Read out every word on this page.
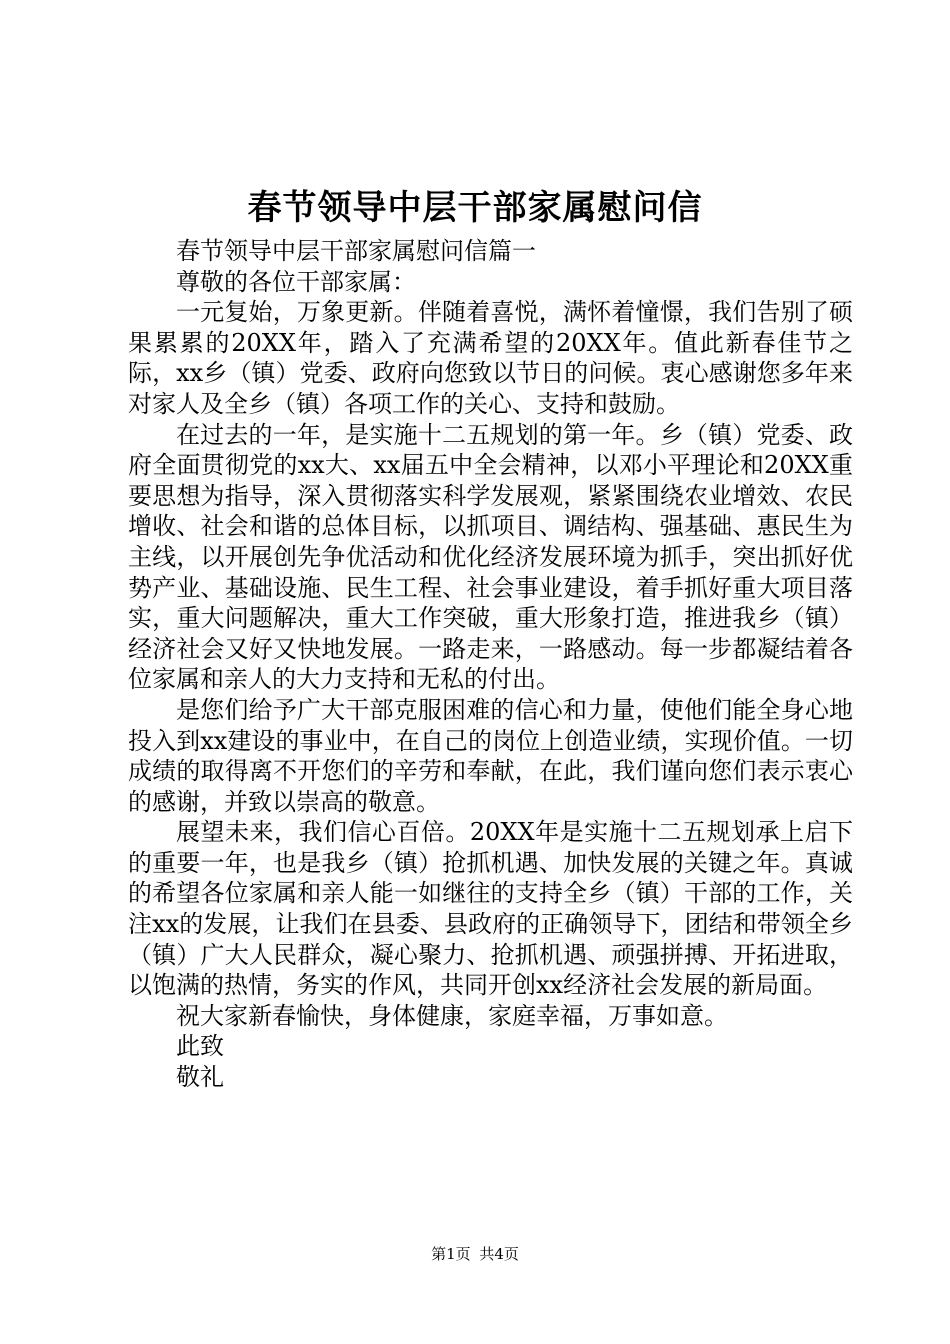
春节领导中层干部家属慰问信

春节领导中层干部家属慰问信篇一

尊敬的各位干部家属：

一元复始，万象更新。伴随着喜悦，满怀着憧憬，我们告别了硕果累累的20XX年，踏入了充满希望的20XX年。值此新春佳节之际，xx乡（镇）党委、政府向您致以节日的问候。衷心感谢您多年来对家人及全乡（镇）各项工作的关心、支持和鼓励。

在过去的一年，是实施十二五规划的第一年。乡（镇）党委、政府全面贯彻党的xx大、xx届五中全会精神，以邓小平理论和20XX重要思想为指导，深入贯彻落实科学发展观，紧紧围绕农业增效、农民增收、社会和谐的总体目标，以抓项目、调结构、强基础、惠民生为主线，以开展创先争优活动和优化经济发展环境为抓手，突出抓好优势产业、基础设施、民生工程、社会事业建设，着手抓好重大项目落实，重大问题解决，重大工作突破，重大形象打造，推进我乡（镇）经济社会又好又快地发展。一路走来，一路感动。每一步都凝结着各位家属和亲人的大力支持和无私的付出。

是您们给予广大干部克服困难的信心和力量，使他们能全身心地投入到xx建设的事业中，在自己的岗位上创造业绩，实现价值。一切成绩的取得离不开您们的辛劳和奉献，在此，我们谨向您们表示衷心的感谢，并致以崇高的敬意。

展望未来，我们信心百倍。20XX年是实施十二五规划承上启下的重要一年，也是我乡（镇）抢抓机遇、加快发展的关键之年。真诚的希望各位家属和亲人能一如继往的支持全乡（镇）干部的工作，关注xx的发展，让我们在县委、县政府的正确领导下，团结和带领全乡（镇）广大人民群众，凝心聚力、抢抓机遇、顽强拼搏、开拓进取，以饱满的热情，务实的作风，共同开创xx经济社会发展的新局面。

祝大家新春愉快，身体健康，家庭幸福，万事如意。

此致

敬礼

第1页 共4页
